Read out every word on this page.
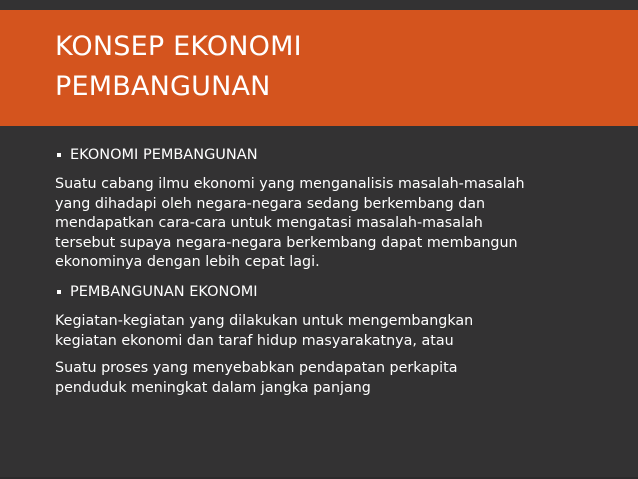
KONSEP EKONOMI
PEMBANGUNAN
EKONOMI PEMBANGUNAN

Suatu cabang ilmu ekonomi yang menganalisis masalah-masalah
yang dihadapi oleh negara-negara sedang berkembang dan
mendapatkan cara-cara untuk mengatasi masalah-masalah
tersebut supaya negara-negara berkembang dapat membangun
ekonominya dengan lebih cepat lagi.

PEMBANGUNAN EKONOMI

Kegiatan-kegiatan yang dilakukan untuk mengembangkan
kegiatan ekonomi dan taraf hidup masyarakatnya, atau

Suatu proses yang menyebabkan pendapatan perkapita
penduduk meningkat dalam jangka panjang
